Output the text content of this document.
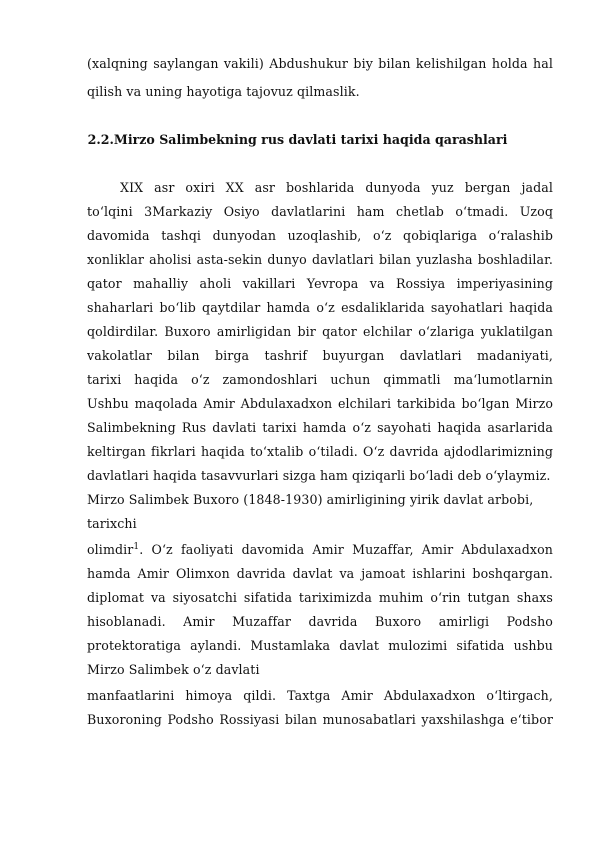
(xalqning saylangan vakili) Abdushukur biy bilan kelishilgan holda hal
qilish va uning hayotiga tajovuz qilmaslik.
2.2.Mirzo Salimbekning rus davlati tarixi haqida qarashlari
XIX asr oxiri XX asr boshlarida dunyoda yuz bergan jadal
to‘lqini 3Markaziy Osiyo davlatlarini ham chetlab o‘tmadi. Uzoq
davomida tashqi dunyodan uzoqlashib, o‘z qobiqlariga o‘ralashib
xonliklar aholisi asta-sekin dunyo davlatlari bilan yuzlasha boshladilar.
qator mahalliy aholi vakillari Yevropa va Rossiya imperiyasining
shaharlari bo‘lib qaytdilar hamda o‘z esdaliklarida sayohatlari haqida
qoldirdilar. Buxoro amirligidan bir qator elchilar o‘zlariga yuklatilgan
vakolatlar bilan birga tashrif buyurgan davlatlari madaniyati,
tarixi haqida o‘z zamondoshlari uchun qimmatli ma‘lumotlarnin
Ushbu maqolada Amir Abdulaxadxon elchilari tarkibida bo‘lgan Mirzo
Salimbekning Rus davlati tarixi hamda o‘z sayohati haqida asarlarida
keltirgan fikrlari haqida to‘xtalib o‘tiladi. O‘z davrida ajdodlarimizning
davlatlari haqida tasavvurlari sizga ham qiziqarli bo‘ladi deb o‘ylaymiz.
Mirzo Salimbek Buxoro (1848-1930) amirligining yirik davlat arbobi,
tarixchi
olimdir$^1$. O‘z faoliyati davomida Amir Muzaffar, Amir Abdulaxadxon
hamda Amir Olimxon davrida davlat va jamoat ishlarini boshqargan.
diplomat va siyosatchi sifatida tariximizda muhim o‘rin tutgan shaxs
hisoblanadi. Amir Muzaffar davrida Buxoro amirligi Podsho
protektoratiga aylandi. Mustamlaka davlat mulozimi sifatida ushbu
Mirzo Salimbek o‘z davlati
manfaatlarini himoya qildi. Taxtga Amir Abdulaxadxon o‘ltirgach,
Buxoroning Podsho Rossiyasi bilan munosabatlari yaxshilashga e‘tibor
